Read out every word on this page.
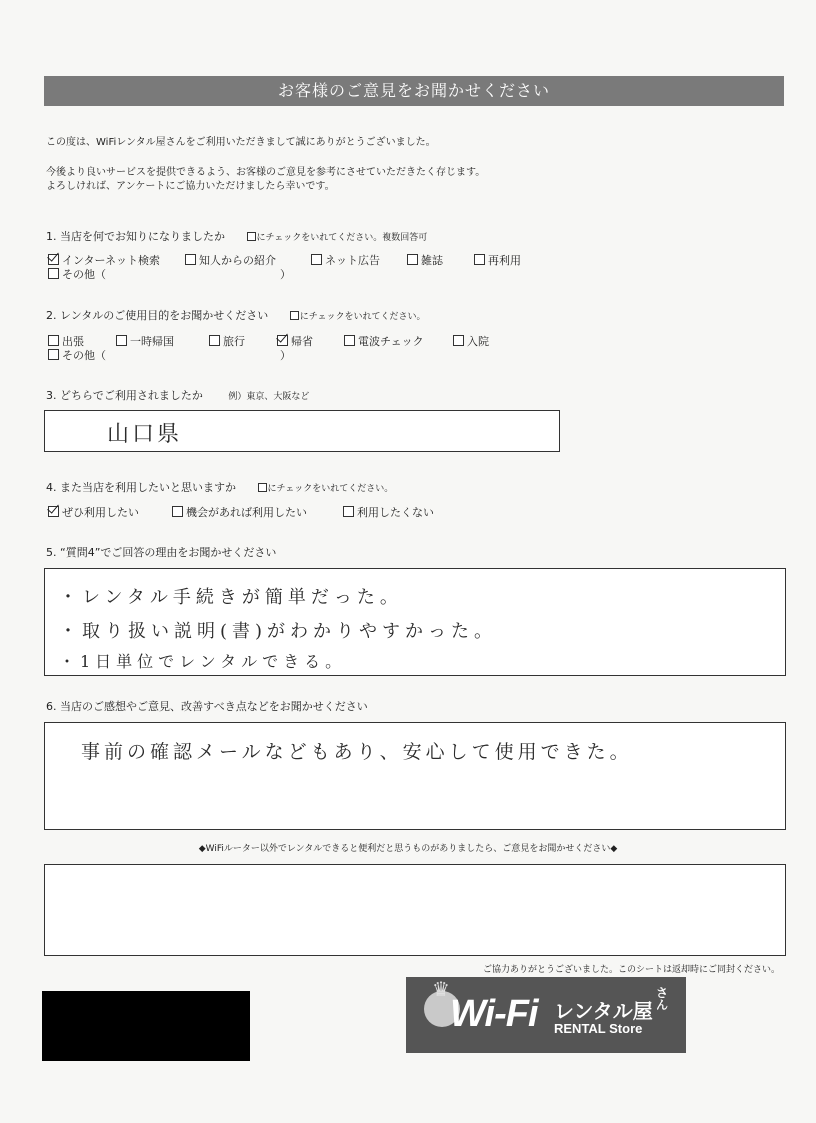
お客様のご意見をお聞かせください
この度は、WiFiレンタル屋さんをご利用いただきまして誠にありがとうございました。
今後より良いサービスを提供できるよう、お客様のご意見を参考にさせていただきたく存じます。
よろしければ、アンケートにご協力いただけましたら幸いです。
1. 当店を何でお知りになりましたか	にチェックをいれてください。複数回答可
インターネット検索	知人からの紹介	ネット広告	雑誌	再利用
その他（	）
2. レンタルのご使用目的をお聞かせください	にチェックをいれてください。
出張	一時帰国	旅行	帰省	電波チェック	入院
その他（	）
3. どちらでご利用されましたか	例）東京、大阪など
山口県
4. また当店を利用したいと思いますか	にチェックをいれてください。
ぜひ利用したい	機会があれば利用したい	利用したくない
5. “質問4”でご回答の理由をお聞かせください
・レンタル手続きが簡単だった。
・取り扱い説明(書)がわかりやすかった。
・1日単位でレンタルできる。
6. 当店のご感想やご意見、改善すべき点などをお聞かせください
事前の確認メールなどもあり、安心して使用できた。
◆WiFiルーター以外でレンタルできると便利だと思うものがありましたら、ご意見をお聞かせください◆
ご協力ありがとうございました。このシートは返却時にご同封ください。
♛
Wi-Fi レンタル屋
さん
RENTAL Store
